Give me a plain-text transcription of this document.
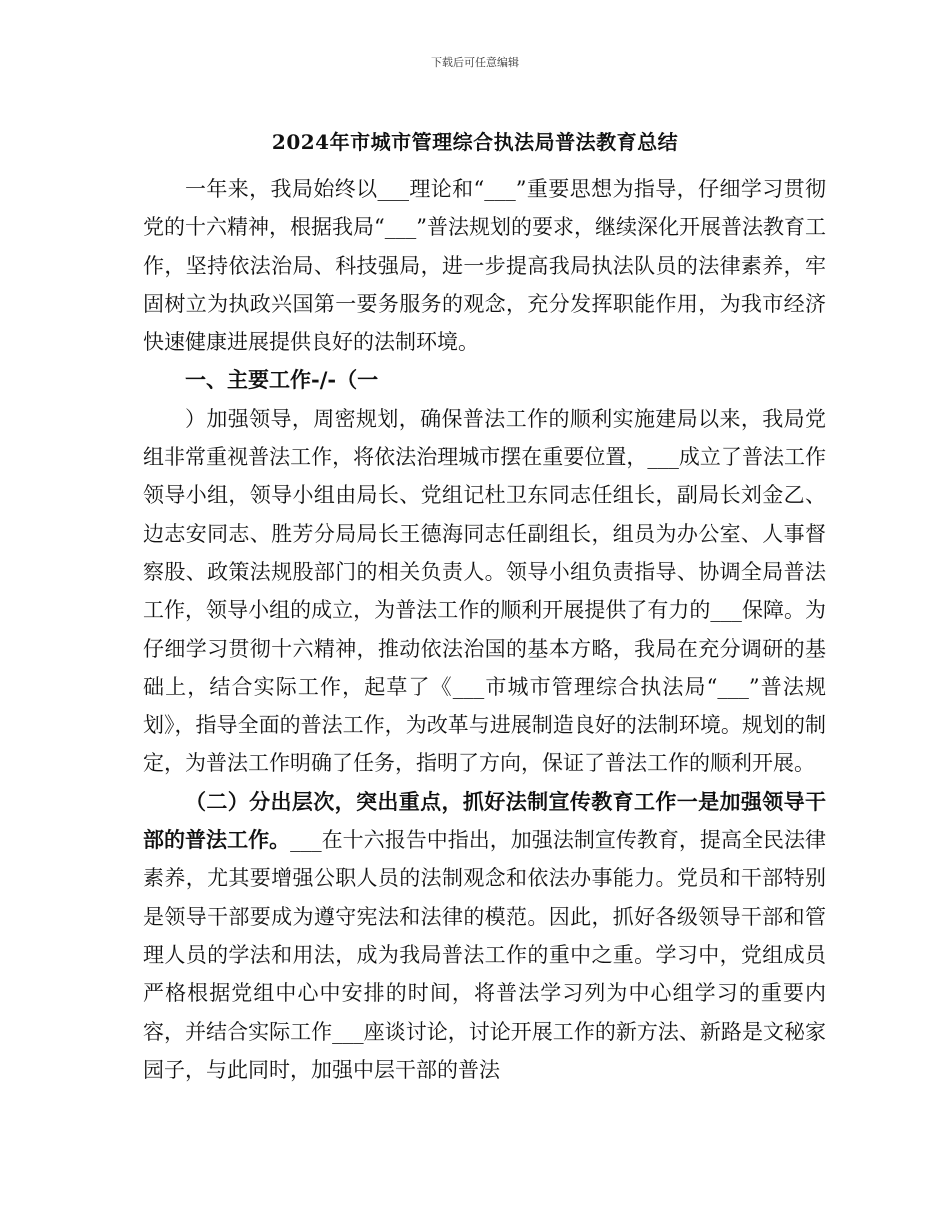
下载后可任意编辑
2024年市城市管理综合执法局普法教育总结

一年来，我局始终以___理论和“___”重要思想为指导，仔细学习贯彻党的十六精神，根据我局“___”普法规划的要求，继续深化开展普法教育工作，坚持依法治局、科技强局，进一步提高我局执法队员的法律素养，牢固树立为执政兴国第一要务服务的观念，充分发挥职能作用，为我市经济快速健康进展提供良好的法制环境。

一、主要工作-/-（一

）加强领导，周密规划，确保普法工作的顺利实施建局以来，我局党组非常重视普法工作，将依法治理城市摆在重要位置，___成立了普法工作领导小组，领导小组由局长、党组记杜卫东同志任组长，副局长刘金乙、边志安同志、胜芳分局局长王德海同志任副组长，组员为办公室、人事督察股、政策法规股部门的相关负责人。领导小组负责指导、协调全局普法工作，领导小组的成立，为普法工作的顺利开展提供了有力的___保障。为仔细学习贯彻十六精神，推动依法治国的基本方略，我局在充分调研的基础上，结合实际工作，起草了《___市城市管理综合执法局“___”普法规划》，指导全面的普法工作，为改革与进展制造良好的法制环境。规划的制定，为普法工作明确了任务，指明了方向，保证了普法工作的顺利开展。

（二）分出层次，突出重点，抓好法制宣传教育工作一是加强领导干部的普法工作。___在十六报告中指出，加强法制宣传教育，提高全民法律素养，尤其要增强公职人员的法制观念和依法办事能力。党员和干部特别是领导干部要成为遵守宪法和法律的模范。因此，抓好各级领导干部和管理人员的学法和用法，成为我局普法工作的重中之重。学习中，党组成员严格根据党组中心中安排的时间，将普法学习列为中心组学习的重要内容，并结合实际工作___座谈讨论，讨论开展工作的新方法、新路是文秘家园子，与此同时，加强中层干部的普法
